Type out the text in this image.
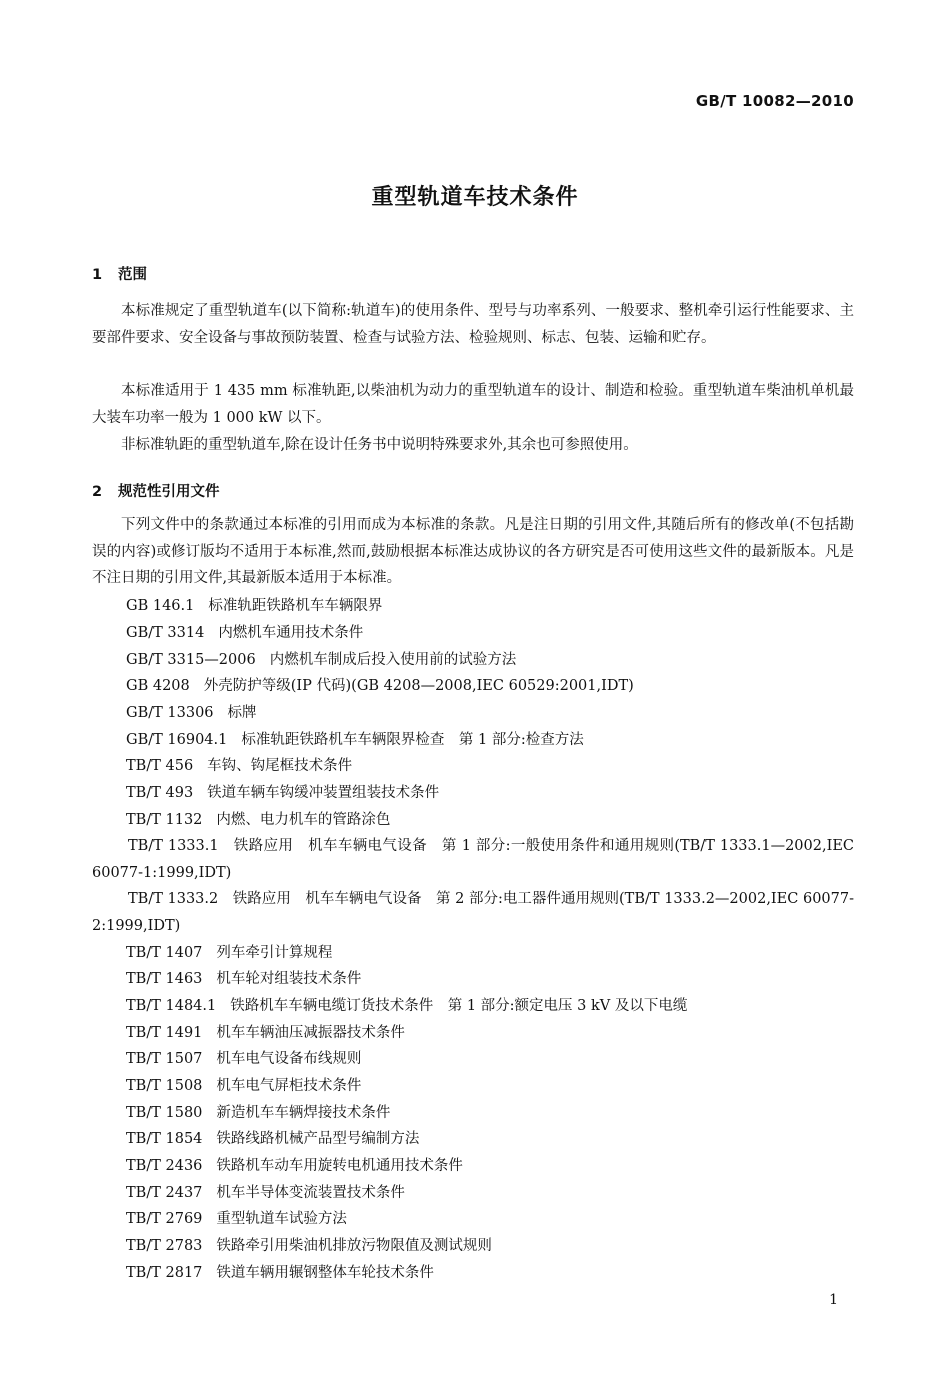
GB/T 10082—2010
重型轨道车技术条件
1 范围

本标准规定了重型轨道车(以下简称:轨道车)的使用条件、型号与功率系列、一般要求、整机牵引运行性能要求、主要部件要求、安全设备与事故预防装置、检查与试验方法、检验规则、标志、包装、运输和贮存。

本标准适用于 1 435 mm 标准轨距,以柴油机为动力的重型轨道车的设计、制造和检验。重型轨道车柴油机单机最大装车功率一般为 1 000 kW 以下。

非标准轨距的重型轨道车,除在设计任务书中说明特殊要求外,其余也可参照使用。

2 规范性引用文件

下列文件中的条款通过本标准的引用而成为本标准的条款。凡是注日期的引用文件,其随后所有的修改单(不包括勘误的内容)或修订版均不适用于本标准,然而,鼓励根据本标准达成协议的各方研究是否可使用这些文件的最新版本。凡是不注日期的引用文件,其最新版本适用于本标准。

GB 146.1 标准轨距铁路机车车辆限界
GB/T 3314 内燃机车通用技术条件
GB/T 3315—2006 内燃机车制成后投入使用前的试验方法
GB 4208 外壳防护等级(IP 代码)(GB 4208—2008,IEC 60529:2001,IDT)
GB/T 13306 标牌
GB/T 16904.1 标准轨距铁路机车车辆限界检查　第 1 部分:检查方法
TB/T 456 车钩、钩尾框技术条件
TB/T 493 铁道车辆车钩缓冲装置组装技术条件
TB/T 1132 内燃、电力机车的管路涂色

TB/T 1333.1　铁路应用　机车车辆电气设备　第 1 部分:一般使用条件和通用规则(TB/T 1333.1—2002,IEC 60077-1:1999,IDT)

TB/T 1333.2　铁路应用　机车车辆电气设备　第 2 部分:电工器件通用规则(TB/T 1333.2—2002,IEC 60077-2:1999,IDT)

TB/T 1407 列车牵引计算规程
TB/T 1463 机车轮对组装技术条件
TB/T 1484.1 铁路机车车辆电缆订货技术条件　第 1 部分:额定电压 3 kV 及以下电缆
TB/T 1491 机车车辆油压减振器技术条件
TB/T 1507 机车电气设备布线规则
TB/T 1508 机车电气屏柜技术条件
TB/T 1580 新造机车车辆焊接技术条件
TB/T 1854 铁路线路机械产品型号编制方法
TB/T 2436 铁路机车动车用旋转电机通用技术条件
TB/T 2437 机车半导体变流装置技术条件
TB/T 2769 重型轨道车试验方法
TB/T 2783 铁路牵引用柴油机排放污物限值及测试规则
TB/T 2817 铁道车辆用辗钢整体车轮技术条件
1
